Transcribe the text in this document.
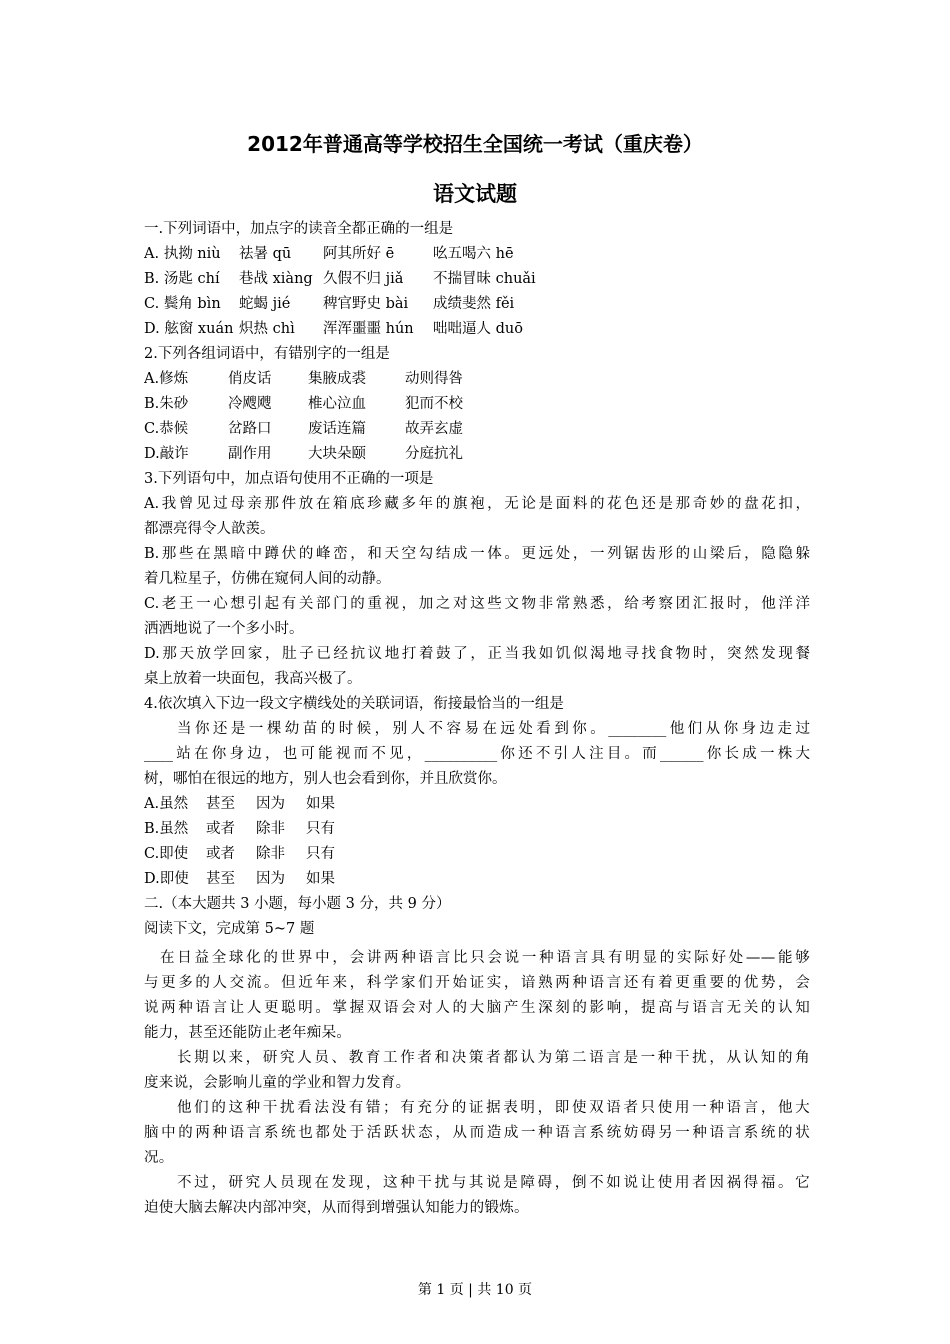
2012年普通高等学校招生全国统一考试（重庆卷）
语文试题
一.下列词语中，加点字的读音全都正确的一组是
A. 执拗 niù 祛暑 qū 阿其所好 ē	吆五喝六 hē
B. 汤匙 chí 巷战 xiàng 久假不归 jiǎ 不揣冒昧 chuǎi
C. 鬓角 bìn 蛇蝎 jié 稗官野史 bài 成绩斐然 fěi
D. 舷窗 xuán 炽热 chì 浑浑噩噩 hún 咄咄逼人 duō
2.下列各组词语中，有错别字的一组是
A.修炼	俏皮话	集腋成裘	动则得咎
B.朱砂	冷飕飕	椎心泣血	犯而不校
C.恭候	岔路口	废话连篇	故弄玄虚
D.敲诈	副作用	大块朵颐	分庭抗礼
3.下列语句中，加点语句使用不正确的一项是
A.我曾见过母亲那件放在箱底珍藏多年的旗袍，无论是面料的花色还是那奇妙的盘花扣，
都漂亮得令人歆羡。
B.那些在黑暗中蹲伏的峰峦，和天空勾结成一体。更远处，一列锯齿形的山梁后，隐隐躲
着几粒星子，仿佛在窥伺人间的动静。
C.老王一心想引起有关部门的重视，加之对这些文物非常熟悉，给考察团汇报时，他洋洋
洒洒地说了一个多小时。
D.那天放学回家，肚子已经抗议地打着鼓了，正当我如饥似渴地寻找食物时，突然发现餐
桌上放着一块面包，我高兴极了。
4.依次填入下边一段文字横线处的关联词语，衔接最恰当的一组是
当你还是一棵幼苗的时候，别人不容易在远处看到你。________他们从你身边走过
____站在你身边，也可能视而不见，__________你还不引人注目。而______你长成一株大
树，哪怕在很远的地方，别人也会看到你，并且欣赏你。
A.虽然 甚至 因为 如果
B.虽然 或者 除非 只有
C.即使 或者 除非 只有
D.即使 甚至 因为 如果
二.（本大题共 3 小题，每小题 3 分，共 9 分）
阅读下文，完成第 5~7 题
在日益全球化的世界中，会讲两种语言比只会说一种语言具有明显的实际好处——能够
与更多的人交流。但近年来，科学家们开始证实，谙熟两种语言还有着更重要的优势，会
说两种语言让人更聪明。掌握双语会对人的大脑产生深刻的影响，提高与语言无关的认知
能力，甚至还能防止老年痴呆。
长期以来，研究人员、教育工作者和决策者都认为第二语言是一种干扰，从认知的角
度来说，会影响儿童的学业和智力发育。
他们的这种干扰看法没有错；有充分的证据表明，即使双语者只使用一种语言，他大
脑中的两种语言系统也都处于活跃状态，从而造成一种语言系统妨碍另一种语言系统的状
况。
不过，研究人员现在发现，这种干扰与其说是障碍，倒不如说让使用者因祸得福。它
迫使大脑去解决内部冲突，从而得到增强认知能力的锻炼。
第 1 页 | 共 10 页
